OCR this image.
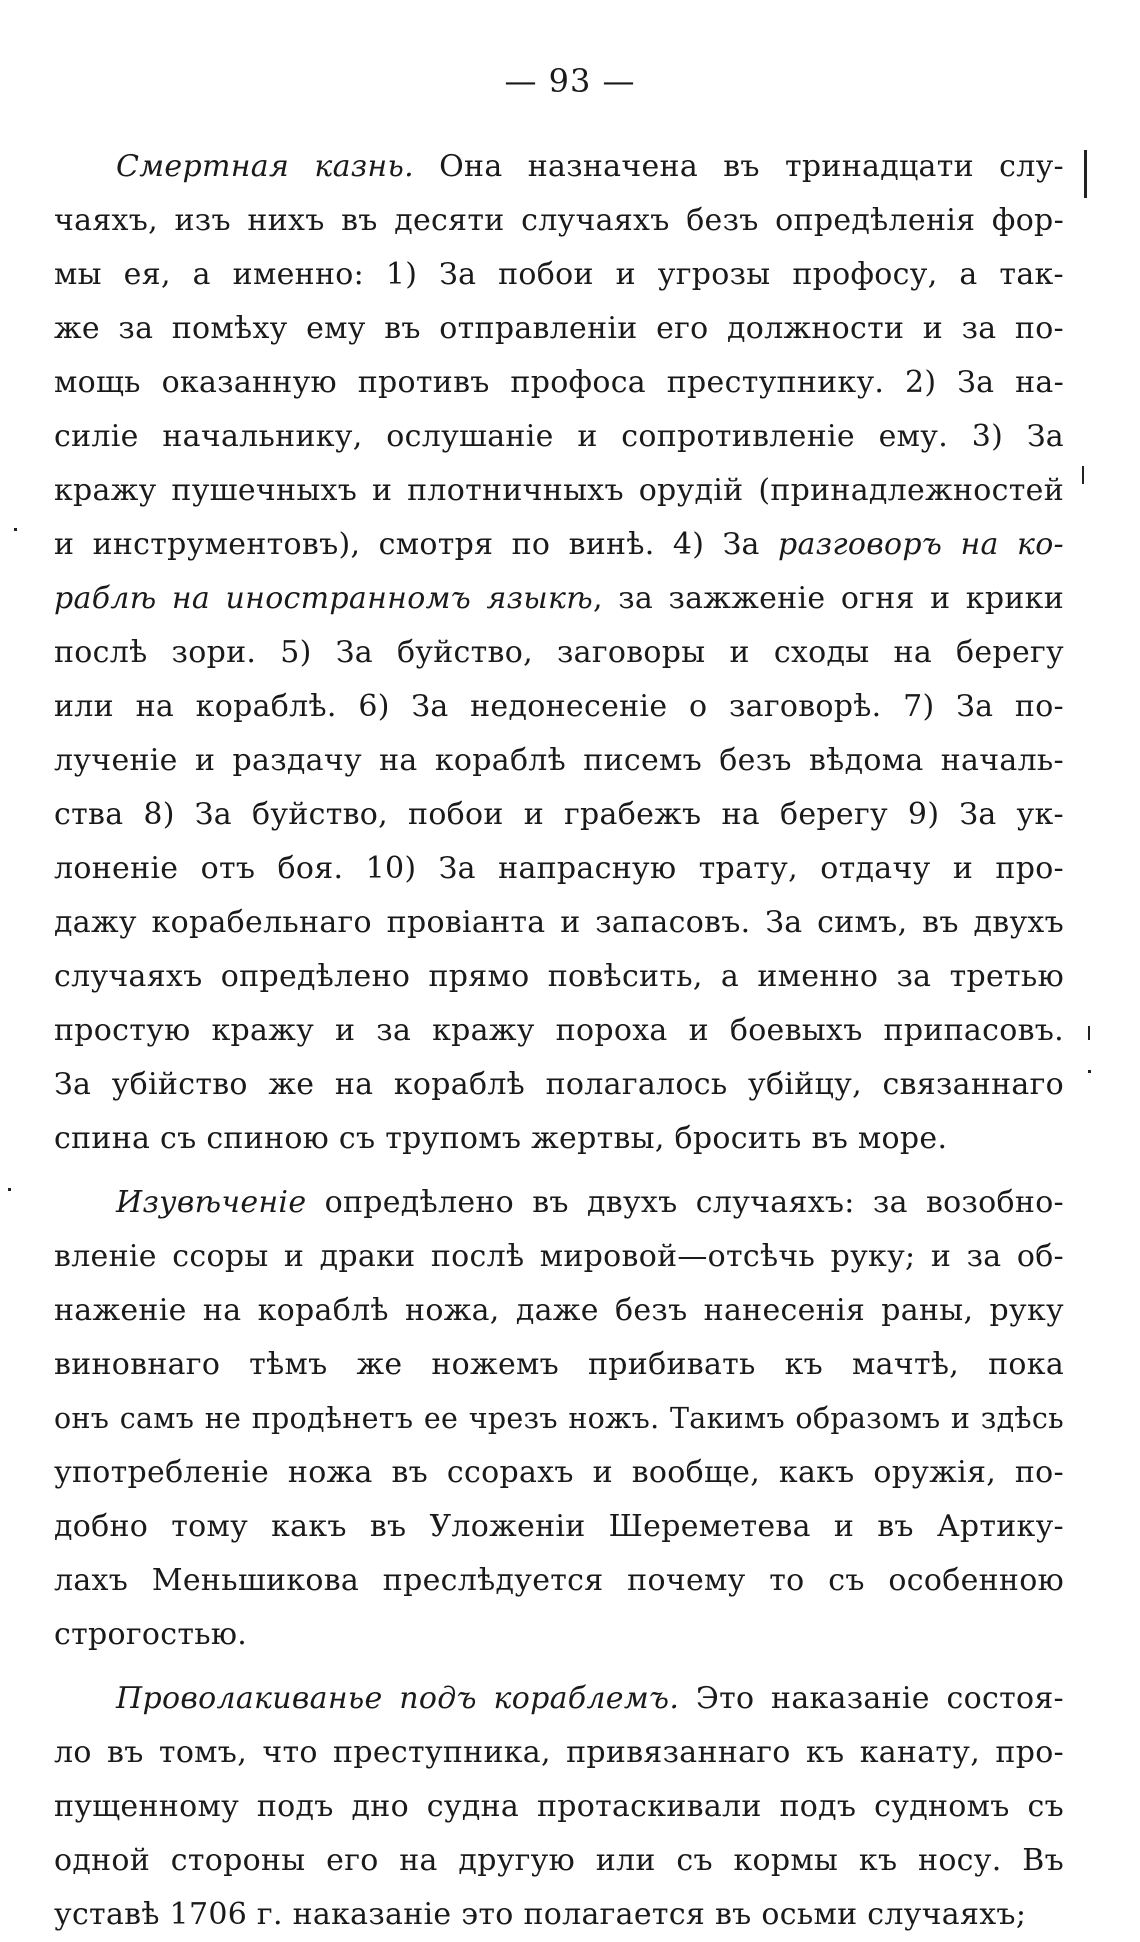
— 93 —
Смертная казнь. Она назначена въ тринадцати слу-
чаяхъ, изъ нихъ въ десяти случаяхъ безъ опредѣленія фор-
мы ея, а именно: 1) За побои и угрозы профосу, а так-
же за помѣху ему въ отправленіи его должности и за по-
мощь оказанную противъ профоса преступнику. 2) За на-
силіе начальнику, ослушаніе и сопротивленіе ему. 3) За
кражу пушечныхъ и плотничныхъ орудій (принадлежностей
и инструментовъ), смотря по винѣ. 4) За разговоръ на ко-
раблѣ на иностранномъ языкѣ, за зажженіе огня и крики
послѣ зори. 5) За буйство, заговоры и сходы на берегу
или на кораблѣ. 6) За недонесеніе о заговорѣ. 7) За по-
лученіе и раздачу на кораблѣ писемъ безъ вѣдома началь-
ства 8) За буйство, побои и грабежъ на берегу 9) За ук-
лоненіе отъ боя. 10) За напрасную трату, отдачу и про-
дажу корабельнаго провіанта и запасовъ. За симъ, въ двухъ
случаяхъ опредѣлено прямо повѣсить, а именно за третью
простую кражу и за кражу пороха и боевыхъ припасовъ.
За убійство же на кораблѣ полагалось убійцу, связаннаго
спина съ спиною съ трупомъ жертвы, бросить въ море.
Изувѣченіе опредѣлено въ двухъ случаяхъ: за возобно-
вленіе ссоры и драки послѣ мировой—отсѣчь руку; и за об-
наженіе на кораблѣ ножа, даже безъ нанесенія раны, руку
виновнаго тѣмъ же ножемъ прибивать къ мачтѣ, пока
онъ самъ не продѣнетъ ее чрезъ ножъ. Такимъ образомъ и здѣсь
употребленіе ножа въ ссорахъ и вообще, какъ оружія, по-
добно тому какъ въ Уложеніи Шереметева и въ Артику-
лахъ Меньшикова преслѣдуется почему то съ особенною
строгостью.
Проволакиванье подъ кораблемъ. Это наказаніе состоя-
ло въ томъ, что преступника, привязаннаго къ канату, про-
пущенному подъ дно судна протаскивали подъ судномъ съ
одной стороны его на другую или съ кормы къ носу. Въ
уставѣ 1706 г. наказаніе это полагается въ осьми случаяхъ;
